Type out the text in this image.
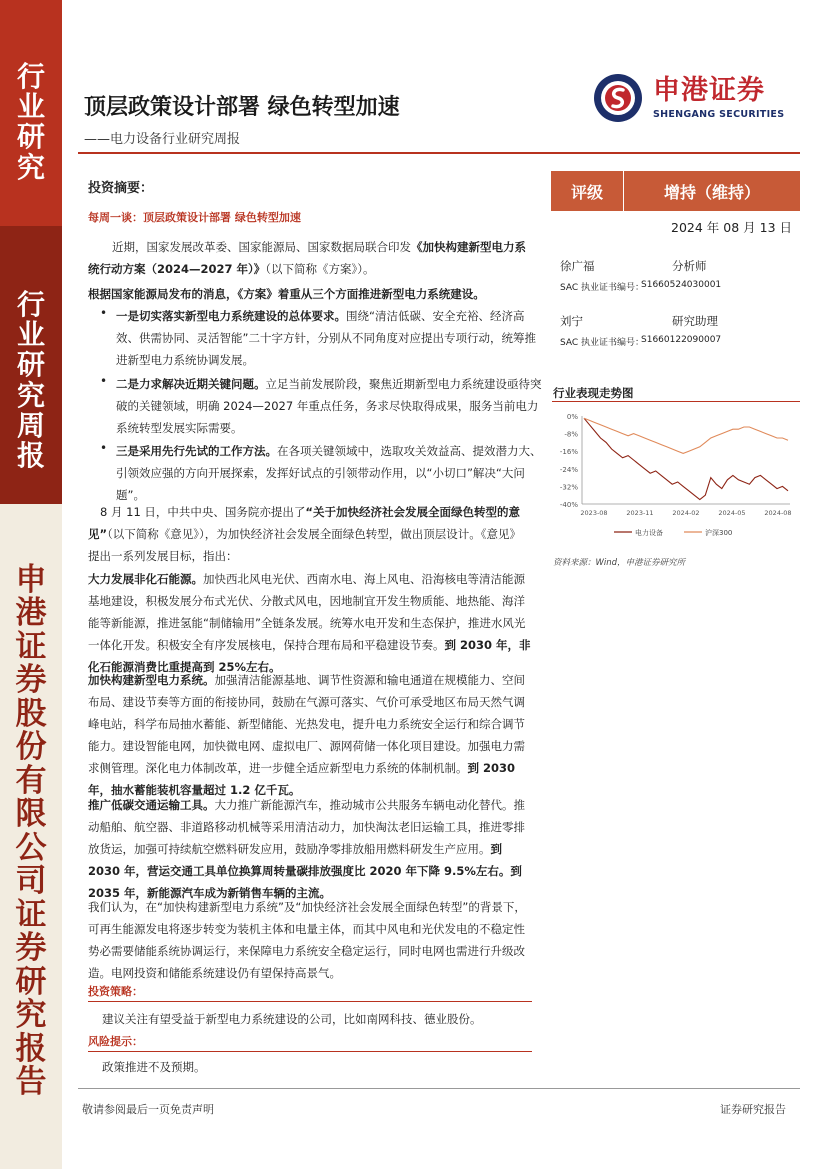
行
业
研
究
行
业
研
究
周
报
申
港
证
券
股
份
有
限
公
司
证
券
研
究
报
告
顶层政策设计部署 绿色转型加速
——电力设备行业研究周报
申港证券
SHENGANG SECURITIES
评级	增持（维持）
2024 年 08 月 13 日
徐广福	分析师
SAC 执业证书编号：
S1660524030001
刘宁	研究助理
SAC 执业证书编号：
S1660122090007
行业表现走势图
0%
-8%
-16%
-24%
-32%
-40%
2023-08	2023-11	2024-02	2024-05	2024-08
电力设备	沪深300
资料来源：Wind，申港证券研究所
投资摘要：
每周一谈：顶层政策设计部署 绿色转型加速
近期，国家发展改革委、国家能源局、国家数据局联合印发《加快构建新型电力系统行动方案（2024—2027 年）》（以下简称《方案》）。
根据国家能源局发布的消息，《方案》着重从三个方面推进新型电力系统建设。
• 一是切实落实新型电力系统建设的总体要求。围绕“清洁低碳、安全充裕、经济高效、供需协同、灵活智能”二十字方针，分别从不同角度对应提出专项行动，统筹推进新型电力系统协调发展。
• 二是力求解决近期关键问题。立足当前发展阶段，聚焦近期新型电力系统建设亟待突破的关键领域，明确 2024—2027 年重点任务，务求尽快取得成果，服务当前电力系统转型发展实际需要。
• 三是采用先行先试的工作方法。在各项关键领域中，选取攻关效益高、提效潜力大、引领效应强的方向开展探索，发挥好试点的引领带动作用，以“小切口”解决“大问题”。
8 月 11 日，中共中央、国务院亦提出了“关于加快经济社会发展全面绿色转型的意见”（以下简称《意见》），为加快经济社会发展全面绿色转型，做出顶层设计。《意见》提出一系列发展目标，指出：
大力发展非化石能源。加快西北风电光伏、西南水电、海上风电、沿海核电等清洁能源基地建设，积极发展分布式光伏、分散式风电，因地制宜开发生物质能、地热能、海洋能等新能源，推进氢能“制储输用”全链条发展。统筹水电开发和生态保护，推进水风光一体化开发。积极安全有序发展核电，保持合理布局和平稳建设节奏。到 2030 年，非化石能源消费比重提高到 25%左右。
加快构建新型电力系统。加强清洁能源基地、调节性资源和输电通道在规模能力、空间布局、建设节奏等方面的衔接协同，鼓励在气源可落实、气价可承受地区布局天然气调峰电站，科学布局抽水蓄能、新型储能、光热发电，提升电力系统安全运行和综合调节能力。建设智能电网，加快微电网、虚拟电厂、源网荷储一体化项目建设。加强电力需求侧管理。深化电力体制改革，进一步健全适应新型电力系统的体制机制。到 2030 年，抽水蓄能装机容量超过 1.2 亿千瓦。
推广低碳交通运输工具。大力推广新能源汽车，推动城市公共服务车辆电动化替代。推动船舶、航空器、非道路移动机械等采用清洁动力，加快淘汰老旧运输工具，推进零排放货运，加强可持续航空燃料研发应用，鼓励净零排放船用燃料研发生产应用。到 2030 年，营运交通工具单位换算周转量碳排放强度比 2020 年下降 9.5%左右。到 2035 年，新能源汽车成为新销售车辆的主流。
我们认为，在“加快构建新型电力系统”及“加快经济社会发展全面绿色转型”的背景下，可再生能源发电将逐步转变为装机主体和电量主体，而其中风电和光伏发电的不稳定性势必需要储能系统协调运行，来保障电力系统安全稳定运行，同时电网也需进行升级改造。电网投资和储能系统建设仍有望保持高景气。
投资策略：
建议关注有望受益于新型电力系统建设的公司，比如南网科技、德业股份。
风险提示：
政策推进不及预期。
敬请参阅最后一页免责声明	证券研究报告
